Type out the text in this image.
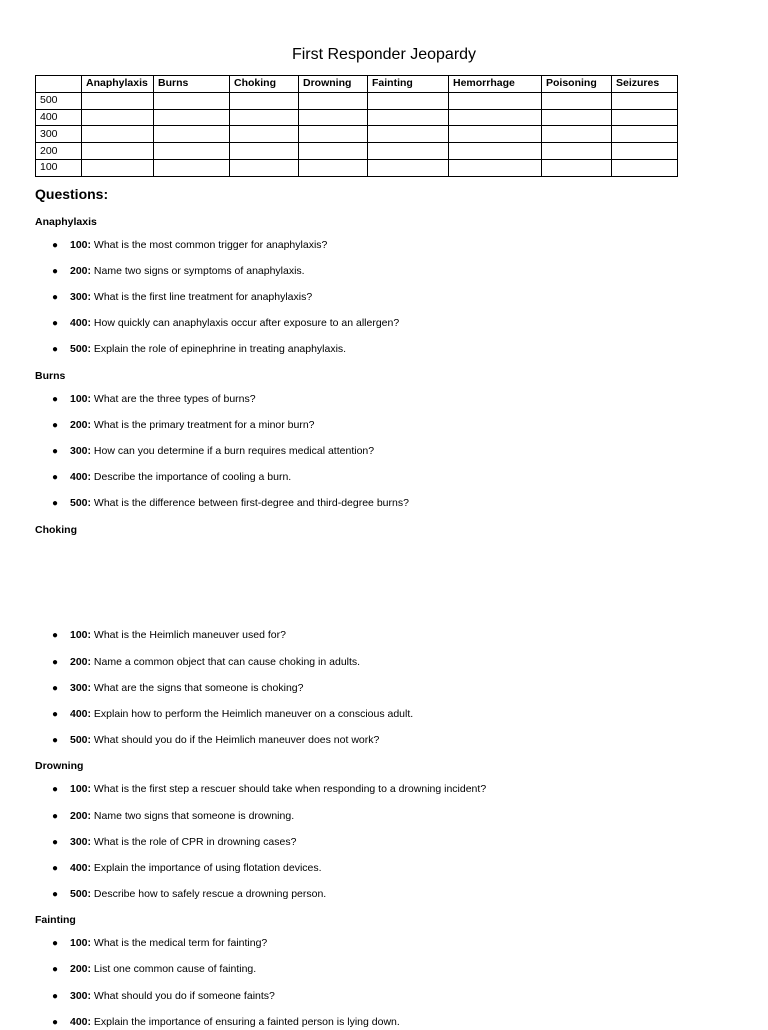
First Responder Jeopardy
	Anaphylaxis	Burns	Choking	Drowning	Fainting	Hemorrhage	Poisoning	Seizures
500								
400								
300								
200								
100								
Questions:
Anaphylaxis
● 100: What is the most common trigger for anaphylaxis?
● 200: Name two signs or symptoms of anaphylaxis.
● 300: What is the first line treatment for anaphylaxis?
● 400: How quickly can anaphylaxis occur after exposure to an allergen?
● 500: Explain the role of epinephrine in treating anaphylaxis.
Burns
● 100: What are the three types of burns?
● 200: What is the primary treatment for a minor burn?
● 300: How can you determine if a burn requires medical attention?
● 400: Describe the importance of cooling a burn.
● 500: What is the difference between first-degree and third-degree burns?
Choking
● 100: What is the Heimlich maneuver used for?
● 200: Name a common object that can cause choking in adults.
● 300: What are the signs that someone is choking?
● 400: Explain how to perform the Heimlich maneuver on a conscious adult.
● 500: What should you do if the Heimlich maneuver does not work?
Drowning
● 100: What is the first step a rescuer should take when responding to a drowning incident?
● 200: Name two signs that someone is drowning.
● 300: What is the role of CPR in drowning cases?
● 400: Explain the importance of using flotation devices.
● 500: Describe how to safely rescue a drowning person.
Fainting
● 100: What is the medical term for fainting?
● 200: List one common cause of fainting.
● 300: What should you do if someone faints?
● 400: Explain the importance of ensuring a fainted person is lying down.
